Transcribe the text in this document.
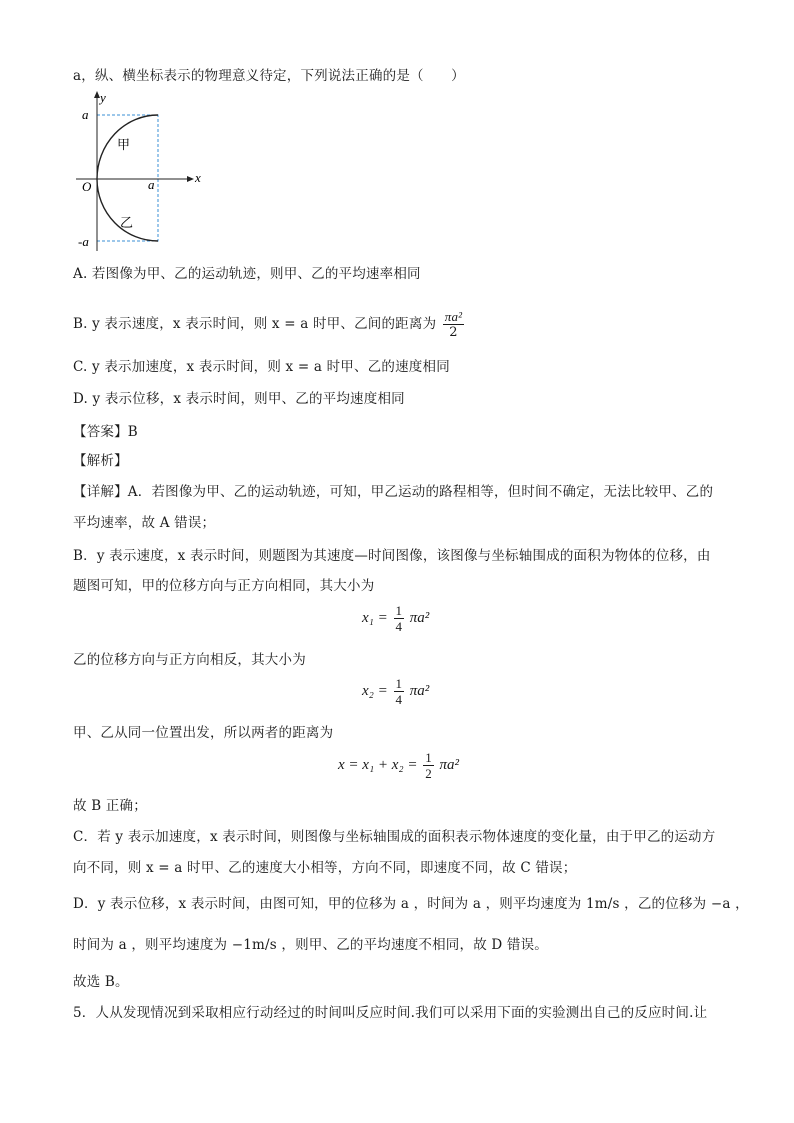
a，纵、横坐标表示的物理意义待定，下列说法正确的是（　　）
y
x
a
a
-a
O
甲
乙
A. 若图像为甲、乙的运动轨迹，则甲、乙的平均速率相同
B. y 表示速度，x 表示时间，则 x = a 时甲、乙间的距离为 $\frac{\text{πa²}}{2}$
C. y 表示加速度，x 表示时间，则 x = a 时甲、乙的速度相同
D. y 表示位移，x 表示时间，则甲、乙的平均速度相同
【答案】B
【解析】
【详解】A．若图像为甲、乙的运动轨迹，可知，甲乙运动的路程相等，但时间不确定，无法比较甲、乙的
平均速率，故 A 错误；
B．y 表示速度，x 表示时间，则题图为其速度—时间图像，该图像与坐标轴围成的面积为物体的位移，由
题图可知，甲的位移方向与正方向相同，其大小为
$x_1 = \frac{1}{4} \pi a^2$
乙的位移方向与正方向相反，其大小为
$x_2 = \frac{1}{4} \pi a^2$
甲、乙从同一位置出发，所以两者的距离为
$x = x_1 + x_2 = \frac{1}{2} \pi a^2$
故 B 正确；
C．若 y 表示加速度，x 表示时间，则图像与坐标轴围成的面积表示物体速度的变化量，由于甲乙的运动方
向不同，则 x = a 时甲、乙的速度大小相等，方向不同，即速度不同，故 C 错误；
D．y 表示位移，x 表示时间，由图可知，甲的位移为 a ，时间为 a ，则平均速度为 1m/s ，乙的位移为 −a ，
时间为 a ，则平均速度为 −1m/s ，则甲、乙的平均速度不相同，故 D 错误。
故选 B。
5．人从发现情况到采取相应行动经过的时间叫反应时间.我们可以采用下面的实验测出自己的反应时间.让
